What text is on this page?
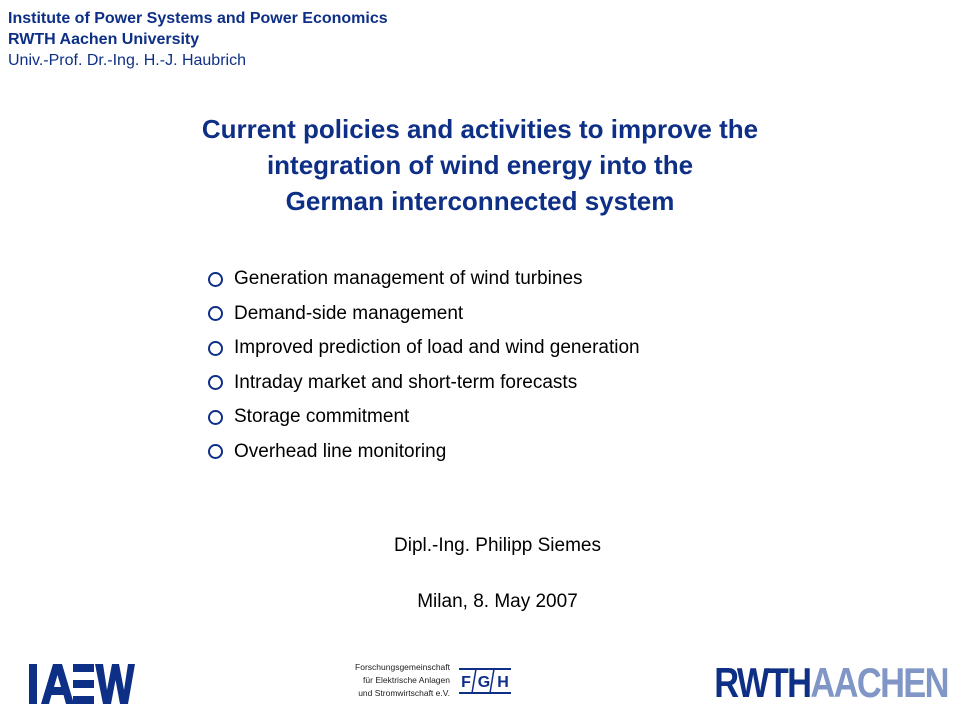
Institute of Power Systems and Power Economics
RWTH Aachen University
Univ.-Prof. Dr.-Ing. H.-J. Haubrich
Current policies and activities to improve the
integration of wind energy into the
German interconnected system
Generation management of wind turbines
Demand-side management
Improved prediction of load and wind generation
Intraday market and short-term forecasts
Storage commitment
Overhead line monitoring
Dipl.-Ing. Philipp Siemes
Milan, 8. May 2007
Forschungsgemeinschaft
für Elektrische Anlagen
und Stromwirtschaft e.V.
F G H	RWTHAACHEN
